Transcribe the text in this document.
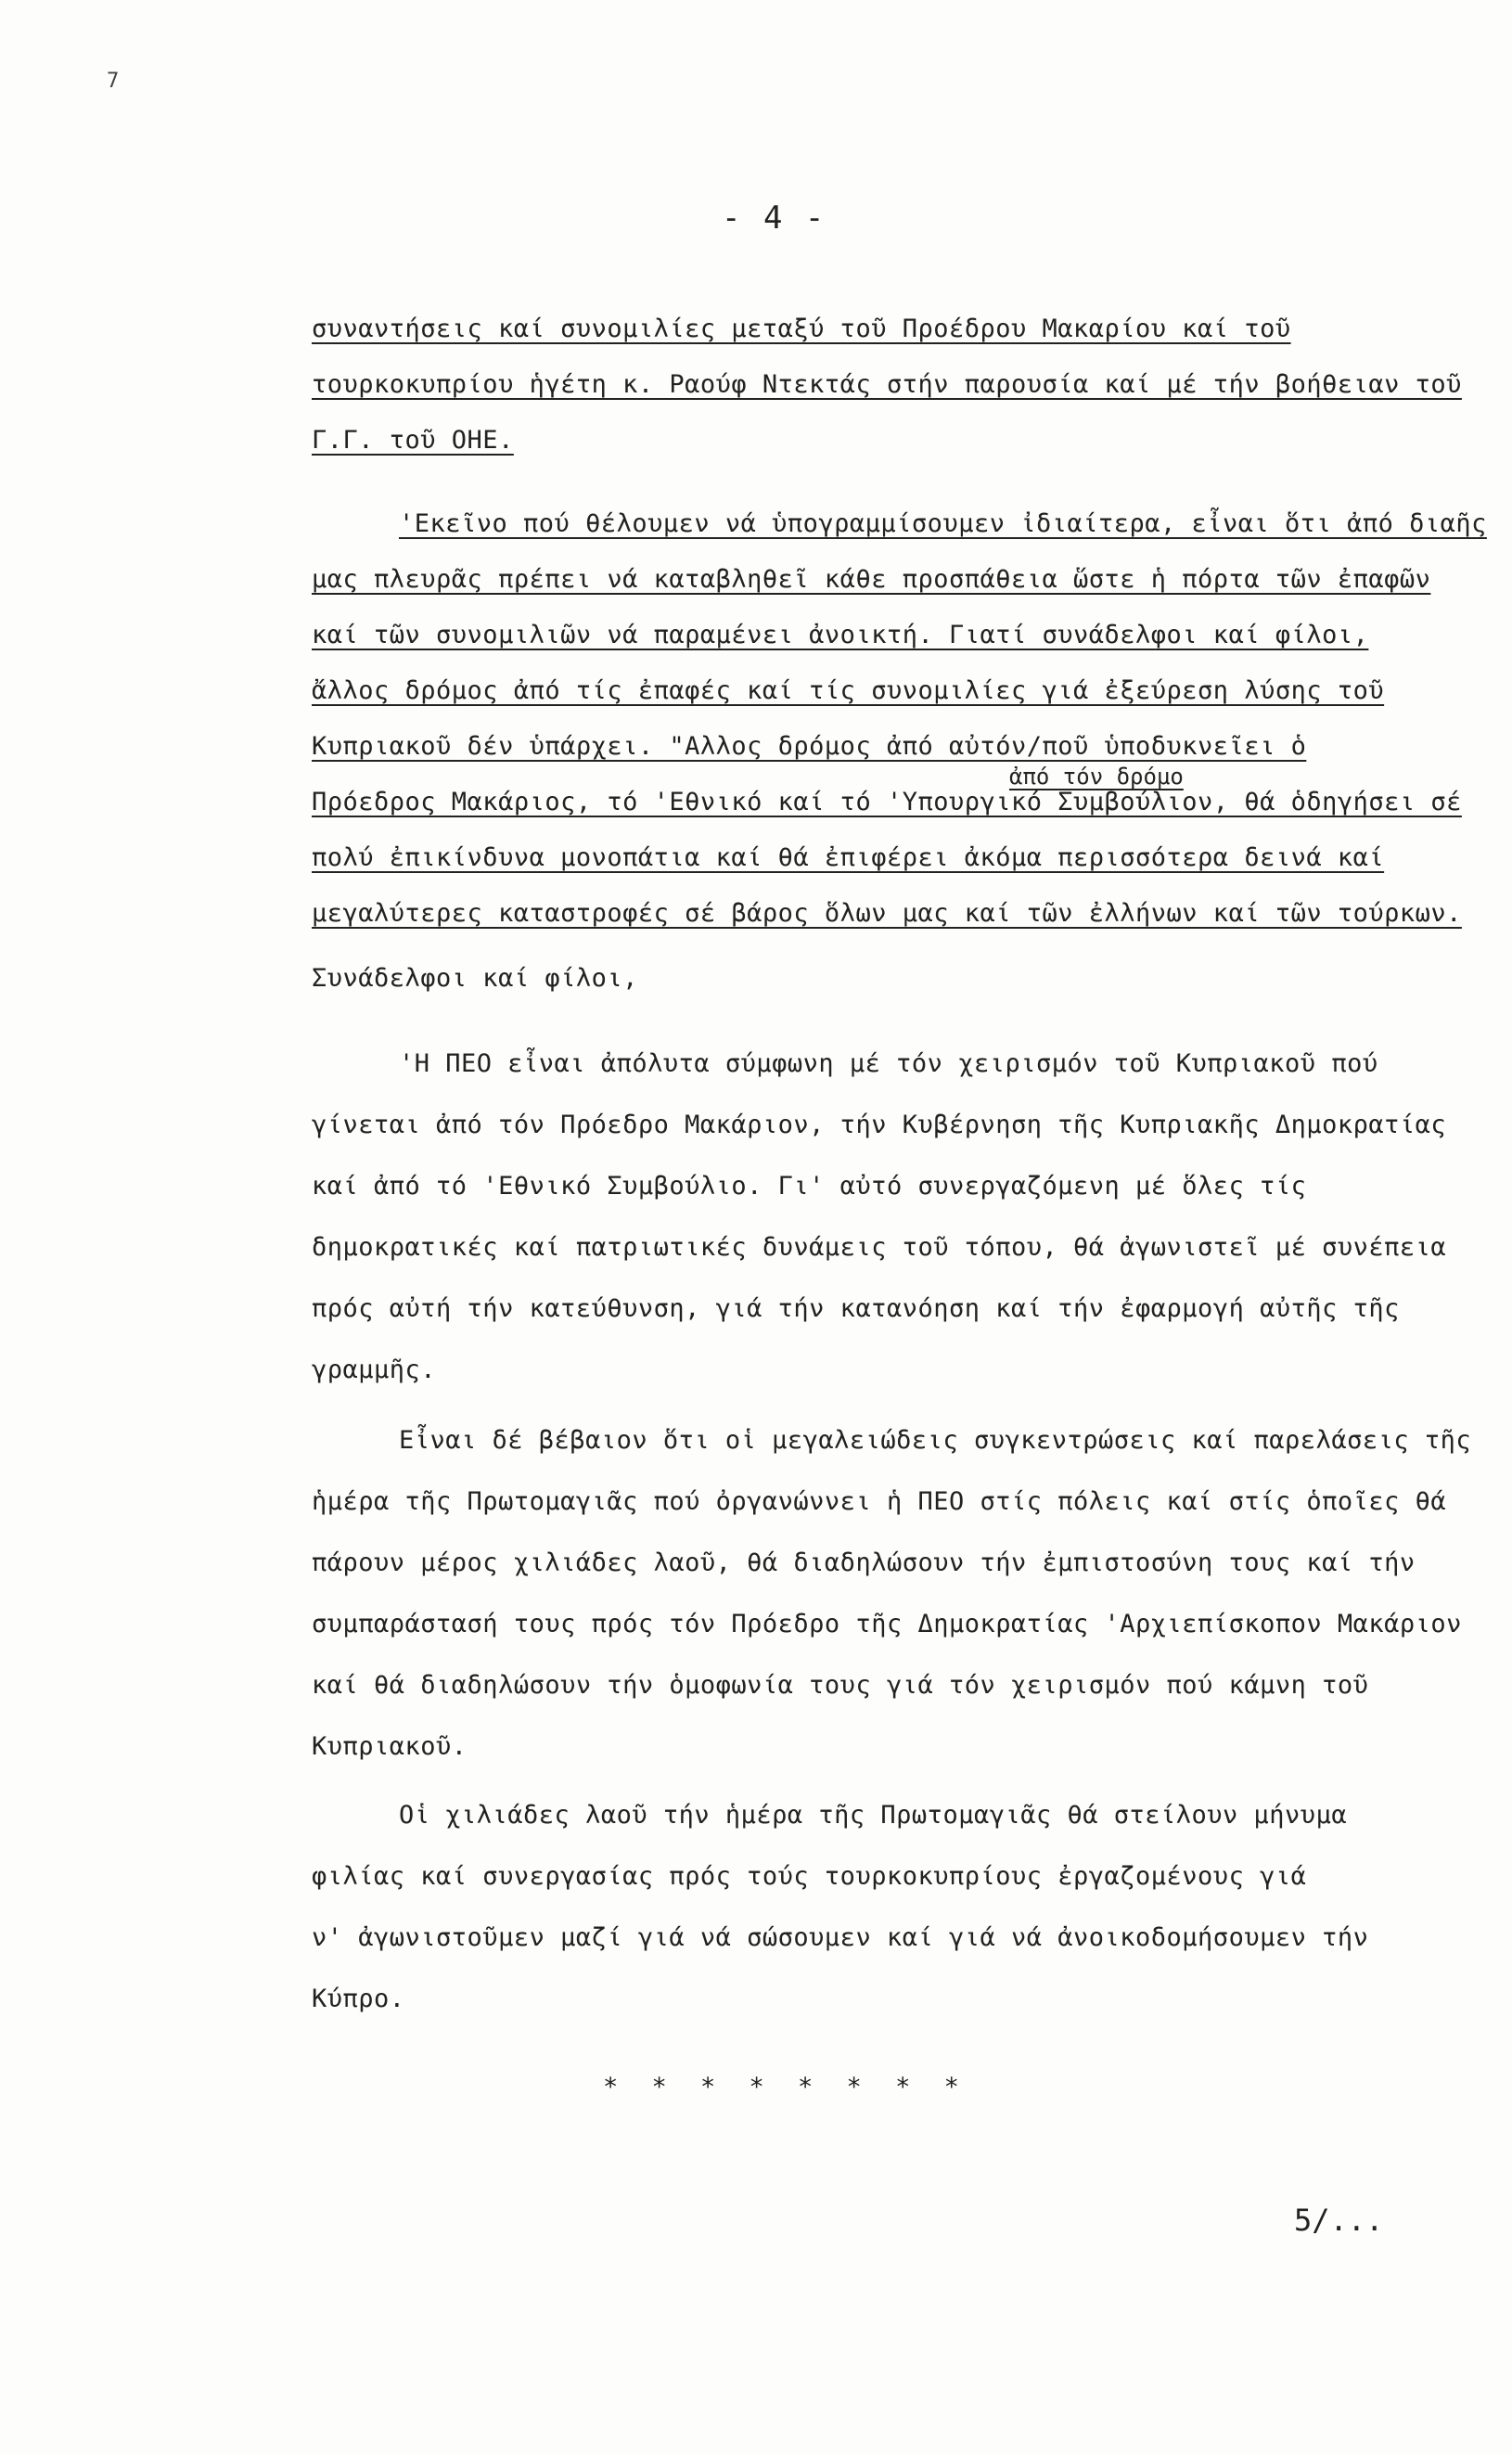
7
- 4 -
συναντήσεις καί συνομιλίες μεταξύ τοῦ Προέδρου Μακαρίου καί τοῦ
τουρκοκυπρίου ἡγέτη κ. Ραούφ Ντεκτάς στήν παρουσία καί μέ τήν βοήθειαν τοῦ
Γ.Γ. τοῦ ΟΗΕ.
'Εκεῖνο πού θέλουμεν νά ὑπογραμμίσουμεν ἰδιαίτερα, εἶναι ὅτι ἀπό διαῆς
μας πλευρᾶς πρέπει νά καταβληθεῖ κάθε προσπάθεια ὥστε ἡ πόρτα τῶν ἐπαφῶν
καί τῶν συνομιλιῶν νά παραμένει ἀνοικτή. Γιατί συνάδελφοι καί φίλοι,
ἄλλος δρόμος ἀπό τίς ἐπαφές καί τίς συνομιλίες γιά ἐξεύρεση λύσης τοῦ
ἀπό τόν δρόμο
Κυπριακοῦ δέν ὑπάρχει. "Αλλος δρόμος ἀπό αὐτόν/ποῦ ὑποδυκνεῖει ὁ
Πρόεδρος Μακάριος, τό 'Εθνικό καί τό 'Υπουργικό Συμβούλιον, θά ὁδηγήσει σέ
πολύ ἐπικίνδυνα μονοπάτια καί θά ἐπιφέρει ἀκόμα περισσότερα δεινά καί
μεγαλύτερες καταστροφές σέ βάρος ὅλων μας καί τῶν ἐλλήνων καί τῶν τούρκων.
Συνάδελφοι καί φίλοι,
'Η ΠΕΟ εἶναι ἀπόλυτα σύμφωνη μέ τόν χειρισμόν τοῦ Κυπριακοῦ πού
γίνεται ἀπό τόν Πρόεδρο Μακάριον, τήν Κυβέρνηση τῆς Κυπριακῆς Δημοκρατίας
καί ἀπό τό 'Εθνικό Συμβούλιο. Γι' αὐτό συνεργαζόμενη μέ ὅλες τίς
δημοκρατικές καί πατριωτικές δυνάμεις τοῦ τόπου, θά ἀγωνιστεῖ μέ συνέπεια
πρός αὐτή τήν κατεύθυνση, γιά τήν κατανόηση καί τήν ἐφαρμογή αὐτῆς τῆς
γραμμῆς.
Εἶναι δέ βέβαιον ὅτι οἱ μεγαλειώδεις συγκεντρώσεις καί παρελάσεις τῆς
ἡμέρα τῆς Πρωτομαγιᾶς πού ὀργανώννει ἡ ΠΕΟ στίς πόλεις καί στίς ὁποῖες θά
πάρουν μέρος χιλιάδες λαοῦ, θά διαδηλώσουν τήν ἐμπιστοσύνη τους καί τήν
συμπαράστασή τους πρός τόν Πρόεδρο τῆς Δημοκρατίας 'Αρχιεπίσκοπον Μακάριον
καί θά διαδηλώσουν τήν ὁμοφωνία τους γιά τόν χειρισμόν πού κάμνη τοῦ
Κυπριακοῦ.
Οἱ χιλιάδες λαοῦ τήν ἡμέρα τῆς Πρωτομαγιᾶς θά στείλουν μήνυμα
φιλίας καί συνεργασίας πρός τούς τουρκοκυπρίους ἐργαζομένους γιά
ν' ἀγωνιστοῦμεν μαζί γιά νά σώσουμεν καί γιά νά ἀνοικοδομήσουμεν τήν
Κύπρο.
* * * * * * * *
5/...
